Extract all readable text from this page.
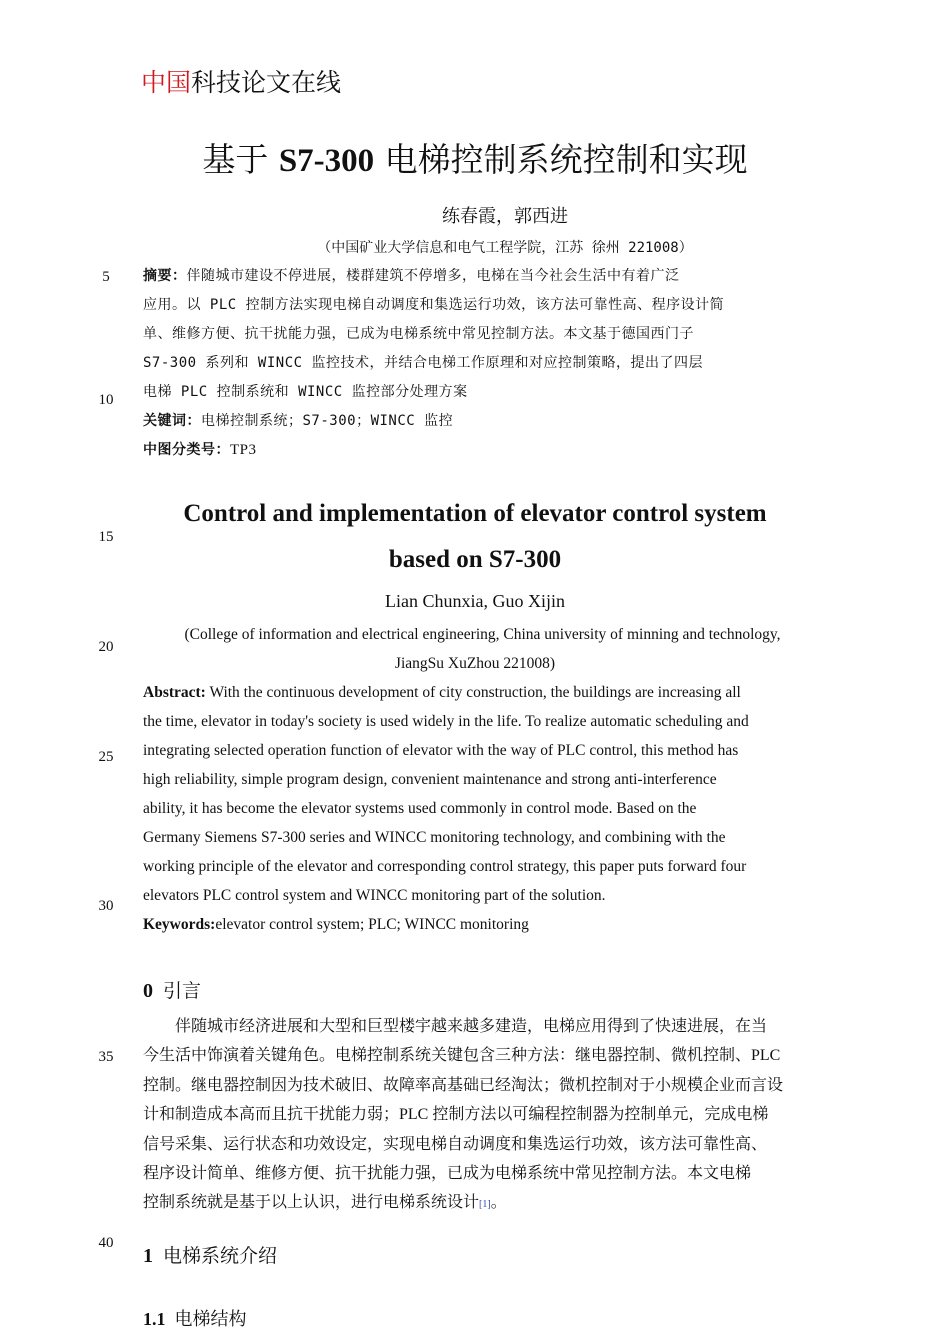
中国科技论文在线
基于 S7-300 电梯控制系统控制和实现
练春霞，郭西进
（中国矿业大学信息和电气工程学院，江苏 徐州 221008）
摘要：伴随城市建设不停进展，楼群建筑不停增多，电梯在当今社会生活中有着广泛
应用。以 PLC 控制方法实现电梯自动调度和集选运行功效，该方法可靠性高、程序设计简
单、维修方便、抗干扰能力强，已成为电梯系统中常见控制方法。本文基于德国西门子
S7-300 系列和 WINCC 监控技术，并结合电梯工作原理和对应控制策略，提出了四层
电梯 PLC 控制系统和 WINCC 监控部分处理方案
关键词：电梯控制系统；S7-300；WINCC 监控
中图分类号：TP3
Control and implementation of elevator control system
based on S7-300
Lian Chunxia, Guo Xijin
(College of information and electrical engineering, China university of minning and technology,
JiangSu XuZhou 221008)
Abstract: With the continuous development of city construction, the buildings are increasing all
the time, elevator in today's society is used widely in the life. To realize automatic scheduling and
integrating selected operation function of elevator with the way of PLC control, this method has
high reliability, simple program design, convenient maintenance and strong anti-interference
ability, it has become the elevator systems used commonly in control mode. Based on the
Germany Siemens S7-300 series and WINCC monitoring technology, and combining with the
working principle of the elevator and corresponding control strategy, this paper puts forward four
elevators PLC control system and WINCC monitoring part of the solution.
Keywords:elevator control system; PLC; WINCC monitoring
0 引言
伴随城市经济进展和大型和巨型楼宇越来越多建造，电梯应用得到了快速进展，在当
今生活中饰演着关键角色。电梯控制系统关键包含三种方法：继电器控制、微机控制、PLC
控制。继电器控制因为技术破旧、故障率高基础已经淘汰；微机控制对于小规模企业而言设
计和制造成本高而且抗干扰能力弱；PLC 控制方法以可编程控制器为控制单元，完成电梯
信号采集、运行状态和功效设定，实现电梯自动调度和集选运行功效，该方法可靠性高、
程序设计简单、维修方便、抗干扰能力强，已成为电梯系统中常见控制方法。本文电梯
控制系统就是基于以上认识，进行电梯系统设计[1]。
1 电梯系统介绍
1.1 电梯结构
5
10
15
20
25
30
35
40
